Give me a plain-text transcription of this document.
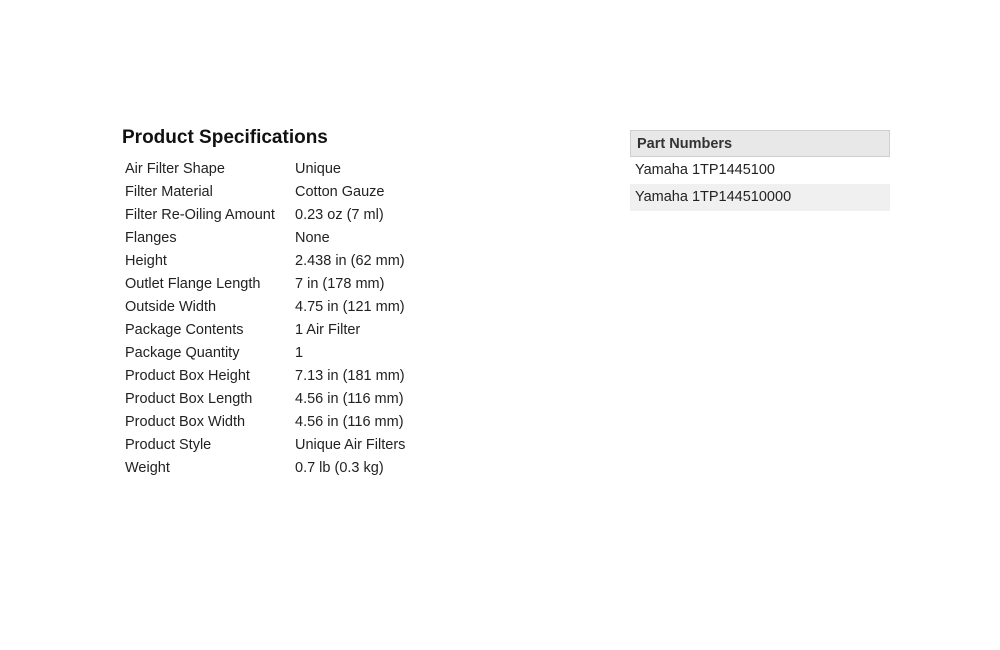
Product Specifications
Air Filter Shape	Unique
Filter Material	Cotton Gauze
Filter Re-Oiling Amount	0.23 oz (7 ml)
Flanges	None
Height	2.438 in (62 mm)
Outlet Flange Length	7 in (178 mm)
Outside Width	4.75 in (121 mm)
Package Contents	1 Air Filter
Package Quantity	1
Product Box Height	7.13 in (181 mm)
Product Box Length	4.56 in (116 mm)
Product Box Width	4.56 in (116 mm)
Product Style	Unique Air Filters
Weight	0.7 lb (0.3 kg)
Part Numbers
Yamaha 1TP1445100
Yamaha 1TP144510000
